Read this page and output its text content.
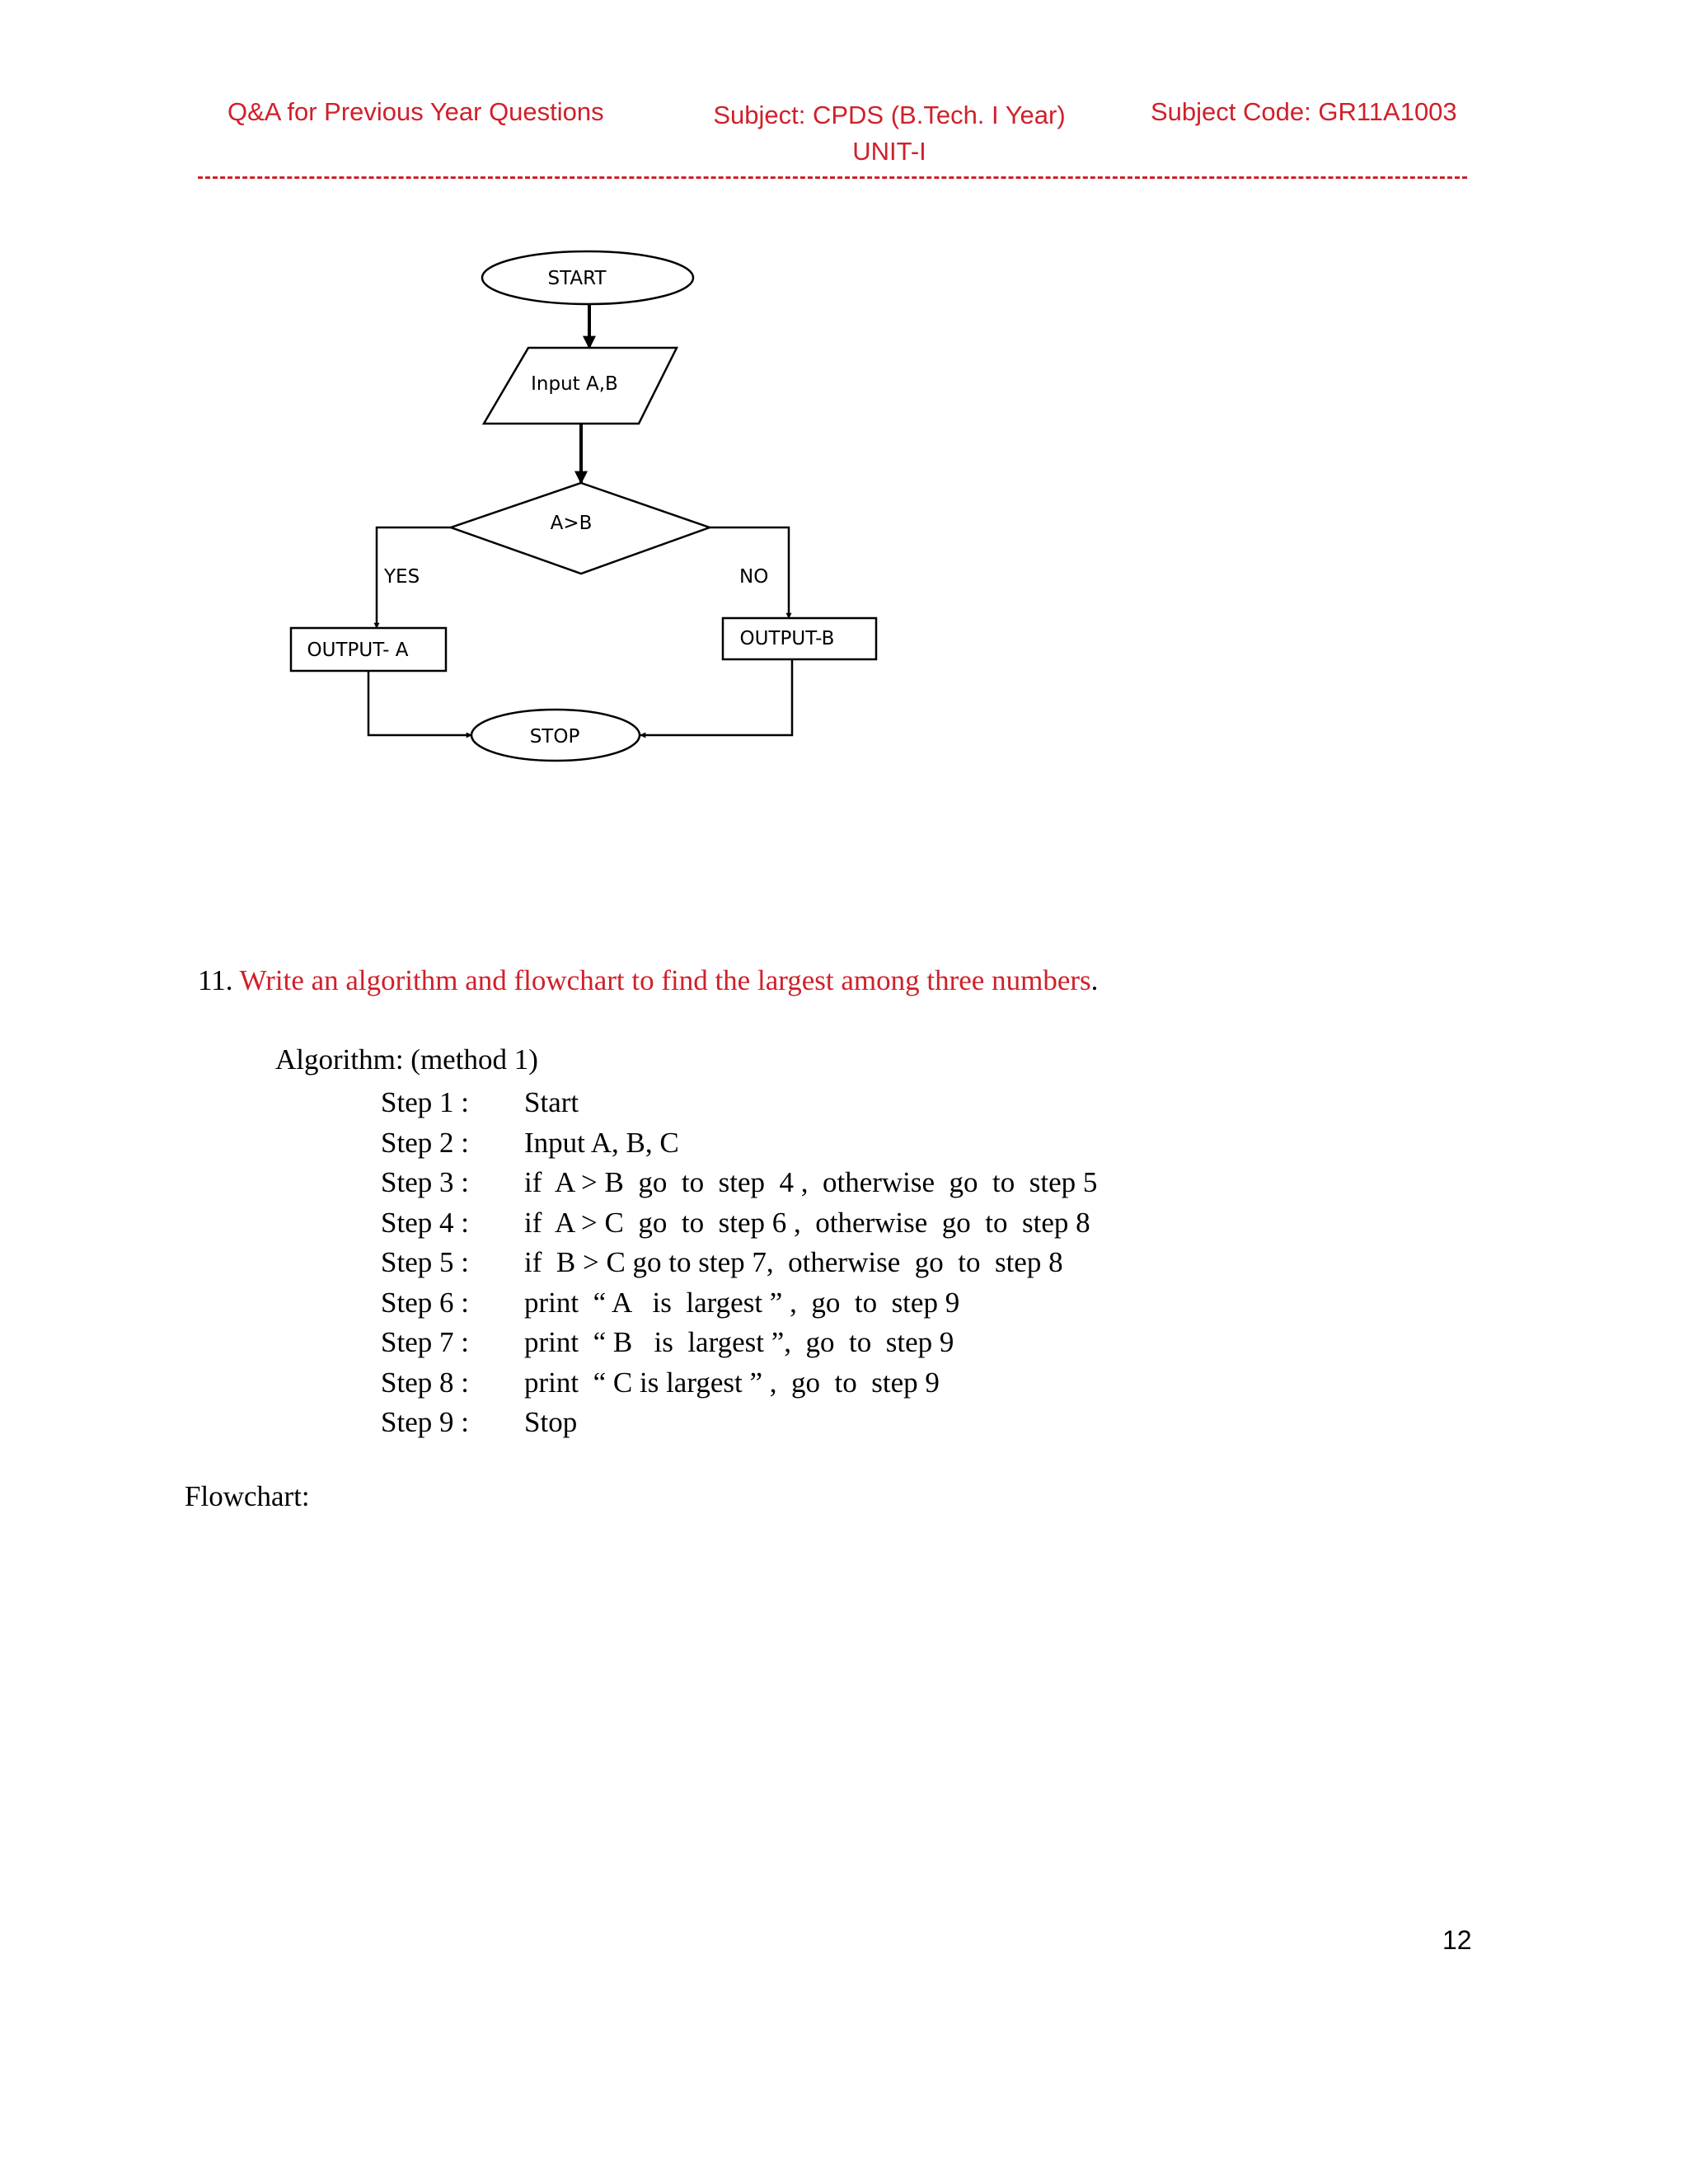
Q&A for Previous Year Questions	Subject: CPDS (B.Tech. I Year)
UNIT-I
Subject Code: GR11A1003
START
Input A,B
A>B
YES	NO
OUTPUT- A
OUTPUT-B
STOP
11. Write an algorithm and flowchart to find the largest among three numbers.
Algorithm: (method 1)
Step 1 : Start
Step 2 : Input A, B, C
Step 3 : if  A > B  go  to  step  4 ,  otherwise  go  to  step 5
Step 4 : if  A > C  go  to  step 6 ,  otherwise  go  to  step 8
Step 5 : if  B > C go to step 7,  otherwise  go  to  step 8
Step 6 : print  “ A   is  largest ” ,  go  to  step 9
Step 7 : print  “ B   is  largest ”,  go  to  step 9
Step 8 : print  “ C is largest ” ,  go  to  step 9
Step 9 : Stop
Flowchart:
12
